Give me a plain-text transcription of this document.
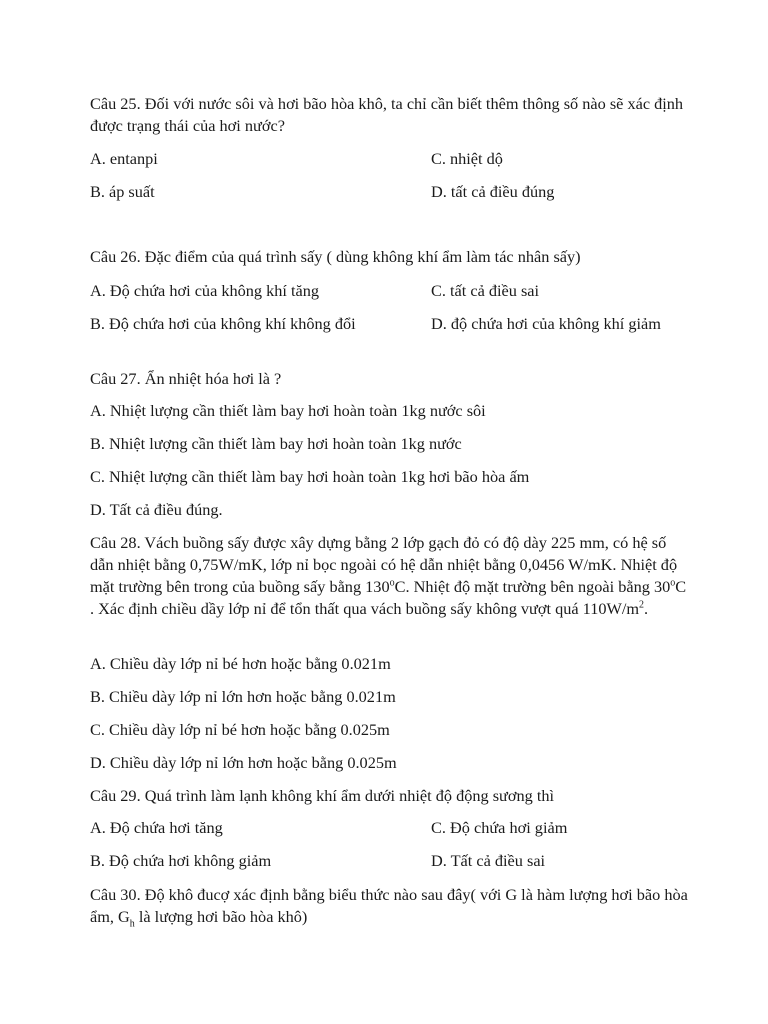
Câu 25. Đối với nước sôi và hơi bão hòa khô, ta chỉ cần biết thêm thông số nào sẽ xác định được trạng thái của hơi nước?

A. entanpi	C. nhiệt dộ
B. áp suất	D. tất cả điều đúng

Câu 26. Đặc điểm của quá trình sấy ( dùng không khí ẩm làm tác nhân sấy)

A. Độ chứa hơi của không khí tăng	C. tất cả điều sai
B. Độ chứa hơi của không khí không đổi	D. độ chứa hơi của không khí giảm

Câu 27. Ẩn nhiệt hóa hơi là ?

A. Nhiệt lượng cần thiết làm bay hơi hoàn toàn 1kg nước sôi

B. Nhiệt lượng cần thiết làm bay hơi hoàn toàn 1kg nước

C. Nhiệt lượng cần thiết làm bay hơi hoàn toàn 1kg hơi bão hòa ấm

D. Tất cả điều đúng.

Câu 28. Vách buồng sấy được xây dựng bằng 2 lớp gạch đỏ có độ dày 225 mm, có hệ số dẫn nhiệt bằng 0,75W/mK, lớp nỉ bọc ngoài có hệ dẫn nhiệt bằng 0,0456 W/mK. Nhiệt độ mặt trường bên trong của buồng sấy bằng 130$^o$C. Nhiệt độ mặt trường bên ngoài bằng 30$^o$C . Xác định chiều dầy lớp nỉ để tổn thất qua vách buồng sấy không vượt quá $110W/m^2$.

A. Chiều dày lớp nỉ bé hơn hoặc bằng 0.021m

B. Chiều dày lớp nỉ lớn hơn hoặc bằng 0.021m

C. Chiều dày lớp nỉ bé hơn hoặc bằng 0.025m

D. Chiều dày lớp nỉ lớn hơn hoặc bằng 0.025m

Câu 29. Quá trình làm lạnh không khí ẩm dưới nhiệt độ động sương thì

A. Độ chứa hơi tăng	C. Độ chứa hơi giảm
B. Độ chứa hơi không giảm	D. Tất cả điều sai

Câu 30. Độ khô đucợ xác định bằng biểu thức nào sau đây( với G là hàm lượng hơi bão hòa ẩm, $G_h$ là lượng hơi bão hòa khô)
